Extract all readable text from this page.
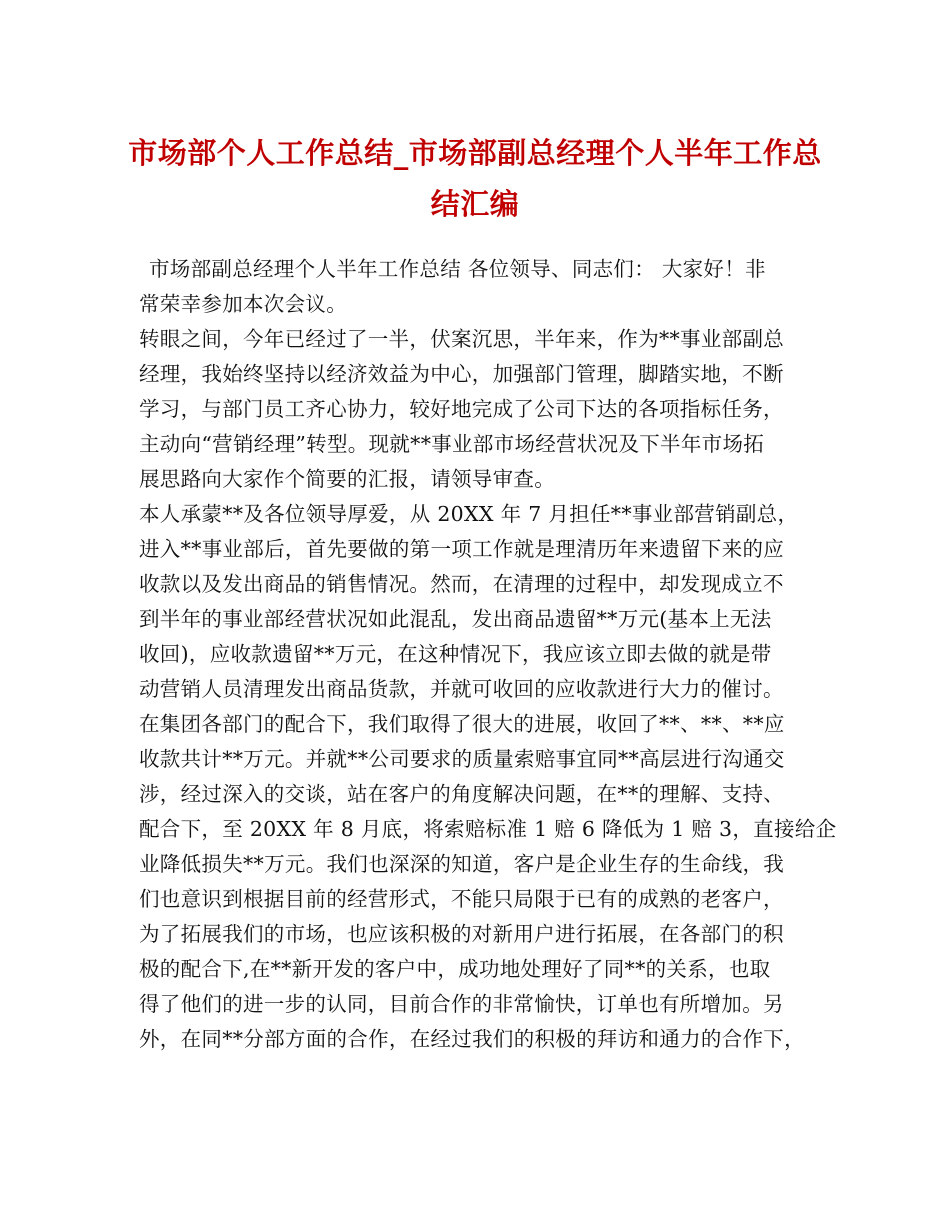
市场部个人工作总结_市场部副总经理个人半年工作总
结汇编
市场部副总经理个人半年工作总结 各位领导、同志们： 大家好！非
常荣幸参加本次会议。
转眼之间，今年已经过了一半，伏案沉思，半年来，作为**事业部副总
经理，我始终坚持以经济效益为中心，加强部门管理，脚踏实地，不断
学习，与部门员工齐心协力，较好地完成了公司下达的各项指标任务，
主动向“营销经理”转型。现就**事业部市场经营状况及下半年市场拓
展思路向大家作个简要的汇报，请领导审查。
本人承蒙**及各位领导厚爱，从 20XX 年 7 月担任**事业部营销副总，
进入**事业部后，首先要做的第一项工作就是理清历年来遗留下来的应
收款以及发出商品的销售情况。然而，在清理的过程中，却发现成立不
到半年的事业部经营状况如此混乱，发出商品遗留**万元(基本上无法
收回)，应收款遗留**万元，在这种情况下，我应该立即去做的就是带
动营销人员清理发出商品货款，并就可收回的应收款进行大力的催讨。
在集团各部门的配合下，我们取得了很大的进展，收回了**、**、**应
收款共计**万元。并就**公司要求的质量索赔事宜同**高层进行沟通交
涉，经过深入的交谈，站在客户的角度解决问题，在**的理解、支持、
配合下，至 20XX 年 8 月底，将索赔标准 1 赔 6 降低为 1 赔 3，直接给企
业降低损失**万元。我们也深深的知道，客户是企业生存的生命线，我
们也意识到根据目前的经营形式，不能只局限于已有的成熟的老客户，
为了拓展我们的市场，也应该积极的对新用户进行拓展，在各部门的积
极的配合下,在**新开发的客户中，成功地处理好了同**的关系，也取
得了他们的进一步的认同，目前合作的非常愉快，订单也有所增加。另
外，在同**分部方面的合作，在经过我们的积极的拜访和通力的合作下，
